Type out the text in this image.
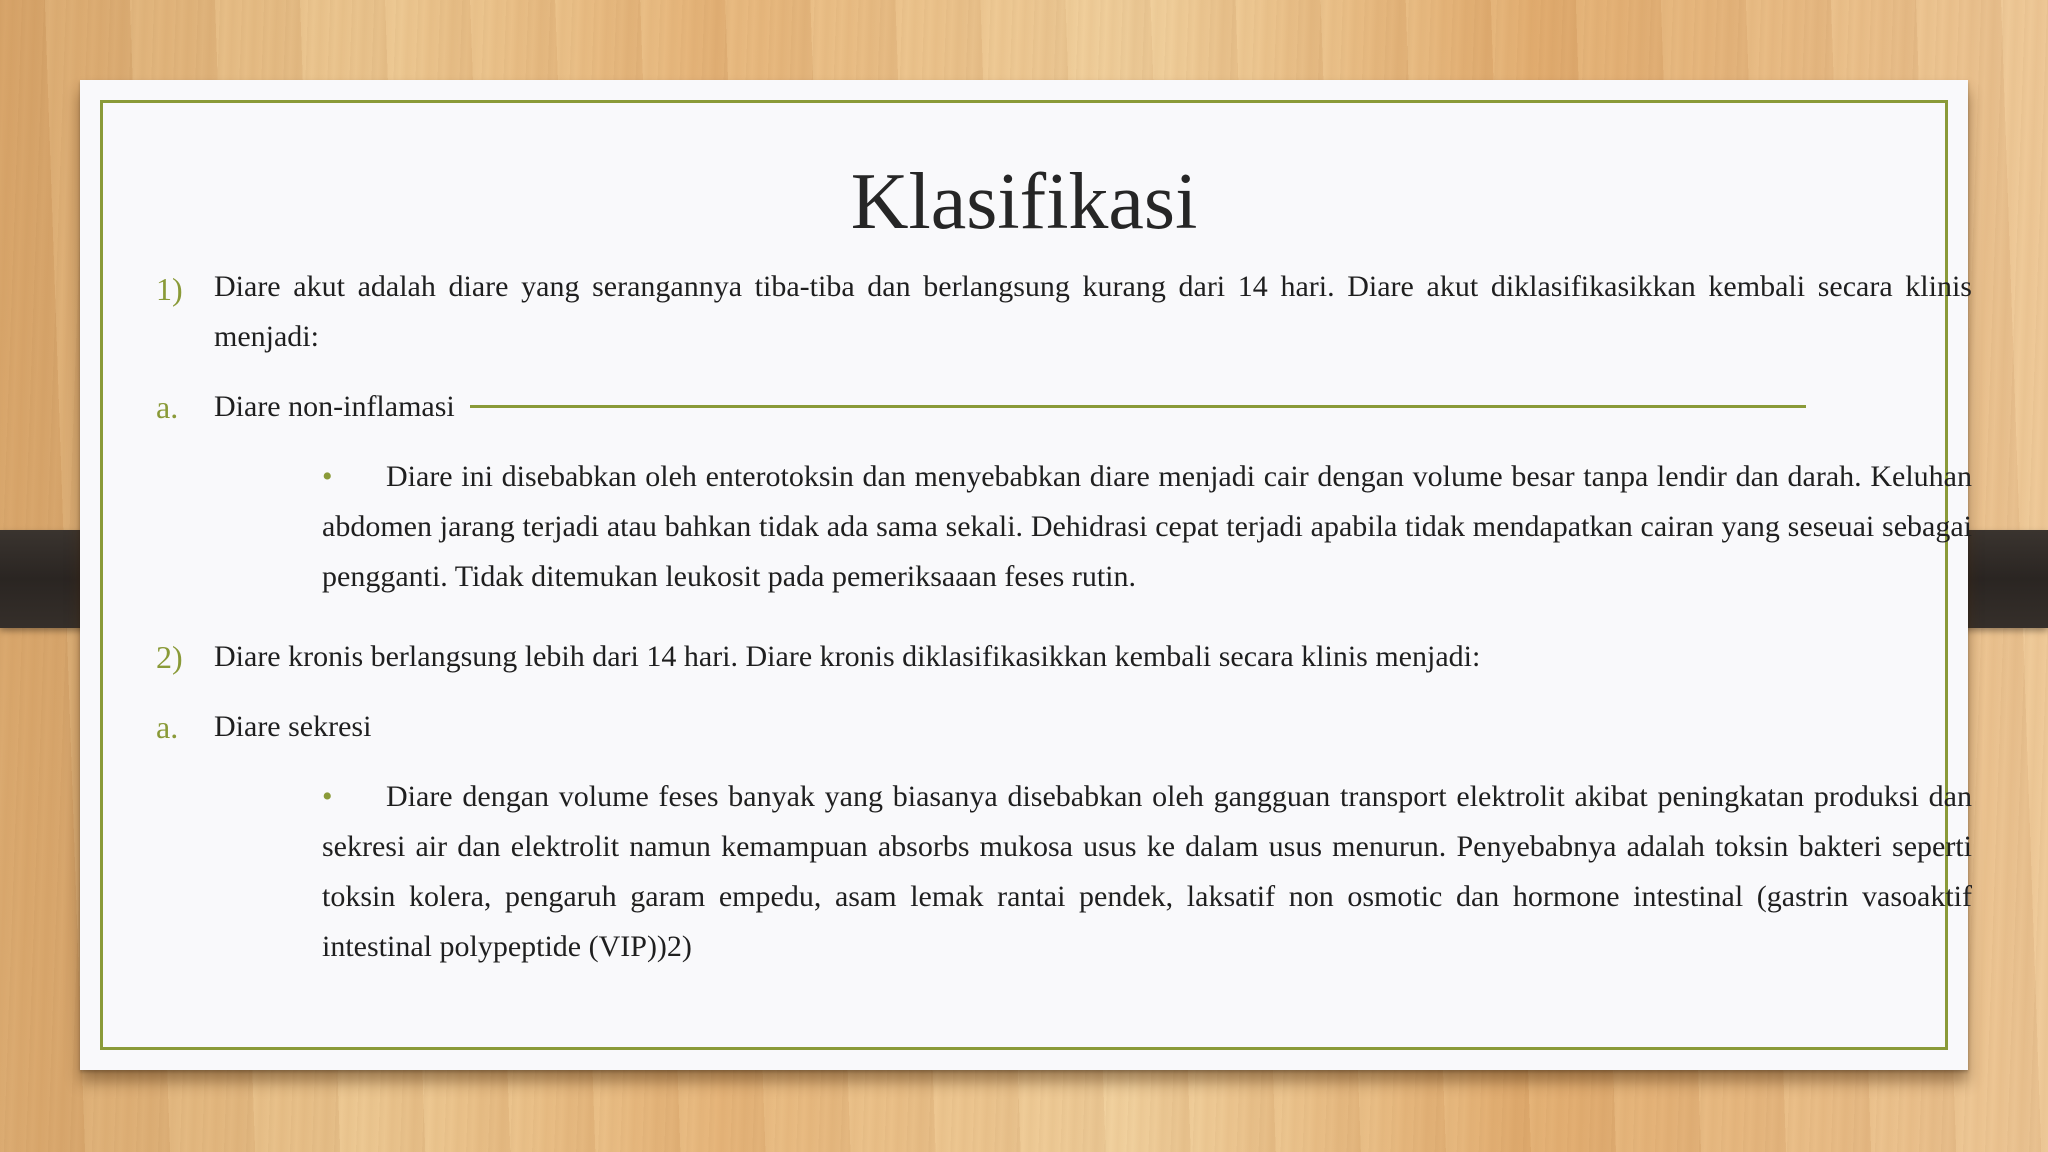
Klasifikasi
1) Diare akut adalah diare yang serangannya tiba-tiba dan berlangsung kurang dari 14 hari. Diare akut diklasifikasikkan kembali secara klinis menjadi:
a. Diare non-inflamasi
• Diare ini disebabkan oleh enterotoksin dan menyebabkan diare menjadi cair dengan volume besar tanpa lendir dan darah. Keluhan abdomen jarang terjadi atau bahkan tidak ada sama sekali. Dehidrasi cepat terjadi apabila tidak mendapatkan cairan yang seseuai sebagai pengganti. Tidak ditemukan leukosit pada pemeriksaaan feses rutin.
2) Diare kronis berlangsung lebih dari 14 hari. Diare kronis diklasifikasikkan kembali secara klinis menjadi:
a. Diare sekresi
• Diare dengan volume feses banyak yang biasanya disebabkan oleh gangguan transport elektrolit akibat peningkatan produksi dan sekresi air dan elektrolit namun kemampuan absorbs mukosa usus ke dalam usus menurun. Penyebabnya adalah toksin bakteri seperti toksin kolera, pengaruh garam empedu, asam lemak rantai pendek, laksatif non osmotic dan hormone intestinal (gastrin vasoaktif intestinal polypeptide (VIP))2)
